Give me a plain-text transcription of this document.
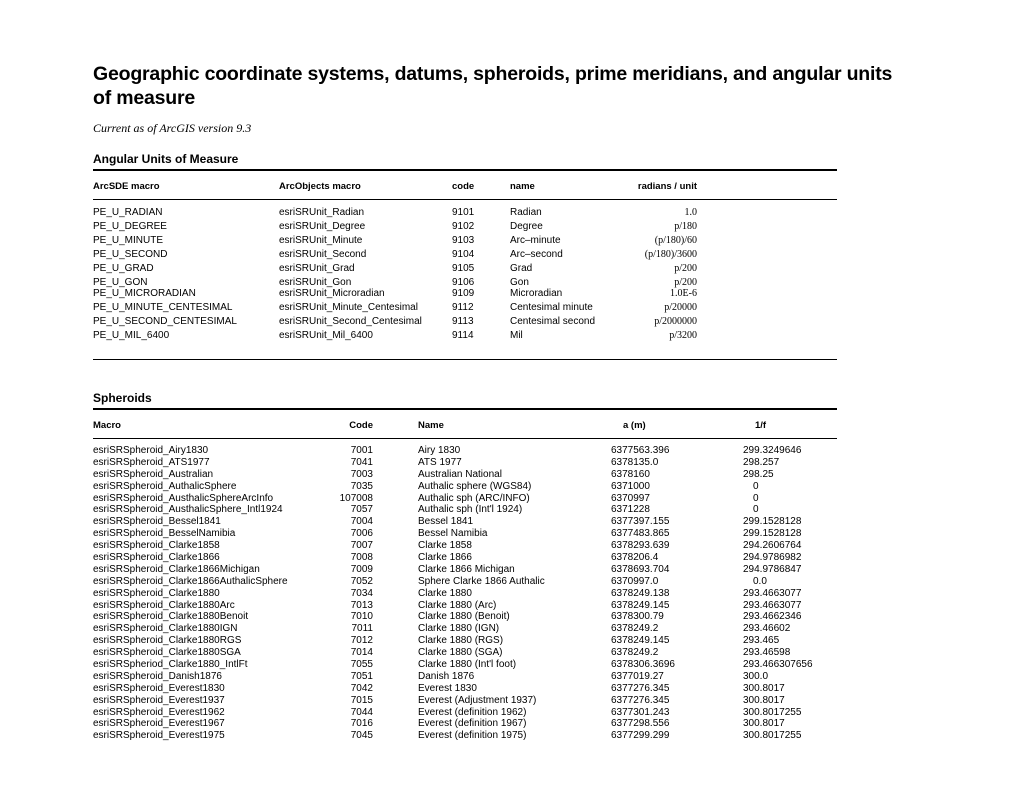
Geographic coordinate systems, datums, spheroids, prime meridians, and angular units of measure
Current as of ArcGIS version 9.3
Angular Units of Measure
ArcSDE macro	ArcObjects macro	code	name	radians / unit
PE_U_RADIAN	esriSRUnit_Radian	9101	Radian	1.0
PE_U_DEGREE	esriSRUnit_Degree	9102	Degree	p/180
PE_U_MINUTE	esriSRUnit_Minute	9103	Arc–minute	(p/180)/60
PE_U_SECOND	esriSRUnit_Second	9104	Arc–second	(p/180)/3600
PE_U_GRAD	esriSRUnit_Grad	9105	Grad	p/200
PE_U_GON	esriSRUnit_Gon	9106	Gon	p/200
PE_U_MICRORADIAN	esriSRUnit_Microradian	9109	Microradian	1.0E-6
PE_U_MINUTE_CENTESIMAL	esriSRUnit_Minute_Centesimal	9112	Centesimal minute	p/20000
PE_U_SECOND_CENTESIMAL	esriSRUnit_Second_Centesimal	9113	Centesimal second	p/2000000
PE_U_MIL_6400	esriSRUnit_Mil_6400	9114	Mil	p/3200
Spheroids
Macro	Code	Name	a (m)	1/f
esriSRSpheroid_Airy1830	7001	Airy 1830	6377563.396	299.3249646
esriSRSpheroid_ATS1977	7041	ATS 1977	6378135.0	298.257
esriSRSpheroid_Australian	7003	Australian National	6378160	298.25
esriSRSpheroid_AuthalicSphere	7035	Authalic sphere (WGS84)	6371000	0
esriSRSpheroid_AusthalicSphereArcInfo	107008	Authalic sph (ARC/INFO)	6370997	0
esriSRSpheroid_AusthalicSphere_Intl1924	7057	Authalic sph (Int'l 1924)	6371228	0
esriSRSpheroid_Bessel1841	7004	Bessel 1841	6377397.155	299.1528128
esriSRSpheroid_BesselNamibia	7006	Bessel Namibia	6377483.865	299.1528128
esriSRSpheroid_Clarke1858	7007	Clarke 1858	6378293.639	294.2606764
esriSRSpheroid_Clarke1866	7008	Clarke 1866	6378206.4	294.9786982
esriSRSpheroid_Clarke1866Michigan	7009	Clarke 1866 Michigan	6378693.704	294.9786847
esriSRSpheroid_Clarke1866AuthalicSphere	7052	Sphere Clarke 1866 Authalic	6370997.0	0.0
esriSRSpheroid_Clarke1880	7034	Clarke 1880	6378249.138	293.4663077
esriSRSpheroid_Clarke1880Arc	7013	Clarke 1880 (Arc)	6378249.145	293.4663077
esriSRSpheroid_Clarke1880Benoit	7010	Clarke 1880 (Benoit)	6378300.79	293.4662346
esriSRSpheroid_Clarke1880IGN	7011	Clarke 1880 (IGN)	6378249.2	293.46602
esriSRSpheroid_Clarke1880RGS	7012	Clarke 1880 (RGS)	6378249.145	293.465
esriSRSpheroid_Clarke1880SGA	7014	Clarke 1880 (SGA)	6378249.2	293.46598
esriSRSpheriod_Clarke1880_IntlFt	7055	Clarke 1880 (Int'l foot)	6378306.3696	293.466307656
esriSRSpheroid_Danish1876	7051	Danish 1876	6377019.27	300.0
esriSRSpheroid_Everest1830	7042	Everest 1830	6377276.345	300.8017
esriSRSpheroid_Everest1937	7015	Everest (Adjustment 1937)	6377276.345	300.8017
esriSRSpheroid_Everest1962	7044	Everest (definition 1962)	6377301.243	300.8017255
esriSRSpheroid_Everest1967	7016	Everest (definition 1967)	6377298.556	300.8017
esriSRSpheroid_Everest1975	7045	Everest (definition 1975)	6377299.299	300.8017255
